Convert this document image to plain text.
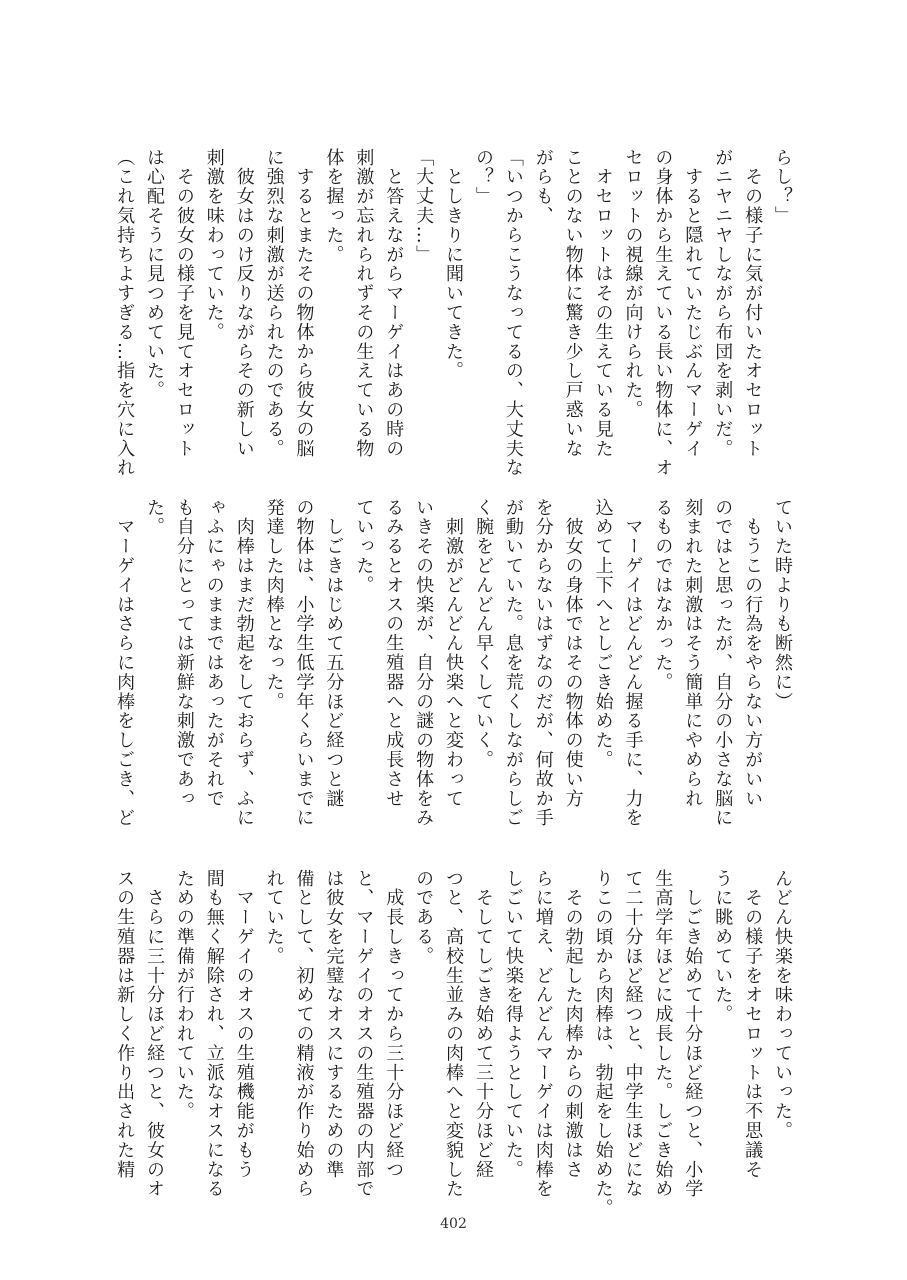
らし？」
　その様子に気が付いたオセロット
がニヤニヤしながら布団を剥いだ。
　すると隠れていたじぶんマーゲイ
の身体から生えている長い物体に、オ
セロットの視線が向けられた。
　オセロットはその生えている見た
ことのない物体に驚き少し戸惑いな
がらも、
「いつからこうなってるの、大丈夫な
の？」
　としきりに聞いてきた。
「大丈夫…」
　と答えながらマーゲイはあの時の
刺激が忘れられずその生えている物
体を握った。
　するとまたその物体から彼女の脳
に強烈な刺激が送られたのである。
　彼女はのけ反りながらその新しい
刺激を味わっていた。
　その彼女の様子を見てオセロット
は心配そうに見つめていた。
（これ気持ちよすぎる…指を穴に入れ
ていた時よりも断然に）
　もうこの行為をやらない方がいい
のではと思ったが、自分の小さな脳に
刻まれた刺激はそう簡単にやめられ
るものではなかった。
　マーゲイはどんどん握る手に、力を
込めて上下へとしごき始めた。
　彼女の身体ではその物体の使い方
を分からないはずなのだが、何故か手
が動いていた。息を荒くしながらしご
く腕をどんどん早くしていく。
　刺激がどんどん快楽へと変わって
いきその快楽が、自分の謎の物体をみ
るみるとオスの生殖器へと成長させ
ていった。
　しごきはじめて五分ほど経つと謎
の物体は、小学生低学年くらいまでに
発達した肉棒となった。
　肉棒はまだ勃起をしておらず、ふに
ゃふにゃのままではあったがそれで
も自分にとっては新鮮な刺激であっ
た。
　マーゲイはさらに肉棒をしごき、ど
んどん快楽を味わっていった。
　その様子をオセロットは不思議そ
うに眺めていた。
　しごき始めて十分ほど経つと、小学
生高学年ほどに成長した。しごき始め
て二十分ほど経つと、中学生ほどにな
りこの頃から肉棒は、勃起をし始めた。
　その勃起した肉棒からの刺激はさ
らに増え、どんどんマーゲイは肉棒を
しごいて快楽を得ようとしていた。
　そしてしごき始めて三十分ほど経
つと、高校生並みの肉棒へと変貌した
のである。
　成長しきってから三十分ほど経つ
と、マーゲイのオスの生殖器の内部で
は彼女を完璧なオスにするための準
備として、初めての精液が作り始めら
れていた。
　マーゲイのオスの生殖機能がもう
間も無く解除され、立派なオスになる
ための準備が行われていた。
　さらに三十分ほど経つと、彼女のオ
スの生殖器は新しく作り出された精
402
